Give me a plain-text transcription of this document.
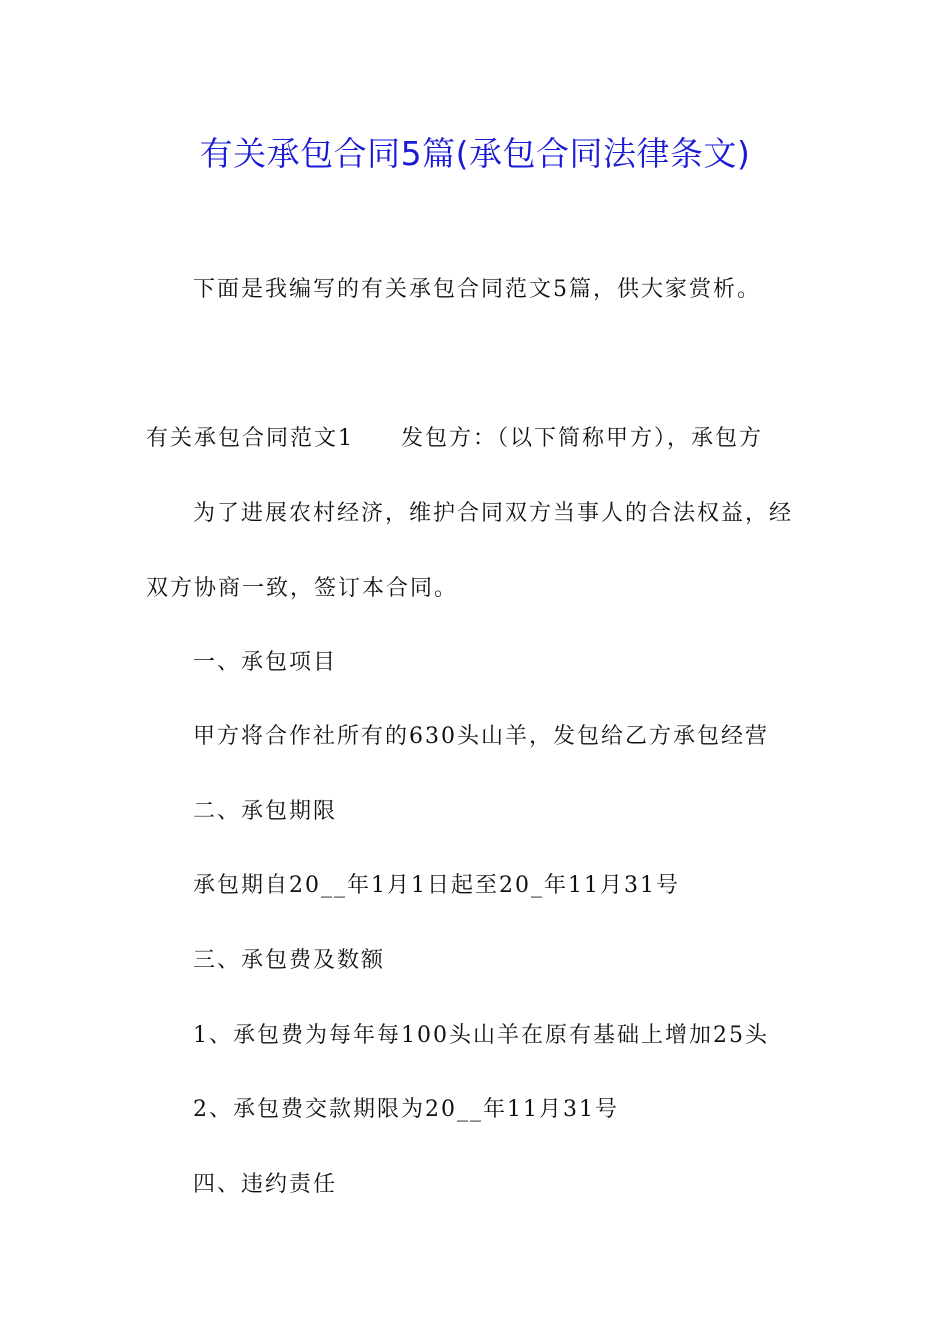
有关承包合同5篇(承包合同法律条文)
下面是我编写的有关承包合同范文5篇，供大家赏析。
有关承包合同范文1 发包方：（以下简称甲方），承包方
为了进展农村经济，维护合同双方当事人的合法权益，经
双方协商一致，签订本合同。
一、承包项目
甲方将合作社所有的630头山羊，发包给乙方承包经营
二、承包期限
承包期自20__年1月1日起至20_年11月31号
三、承包费及数额
1、承包费为每年每100头山羊在原有基础上增加25头
2、承包费交款期限为20__年11月31号
四、违约责任
